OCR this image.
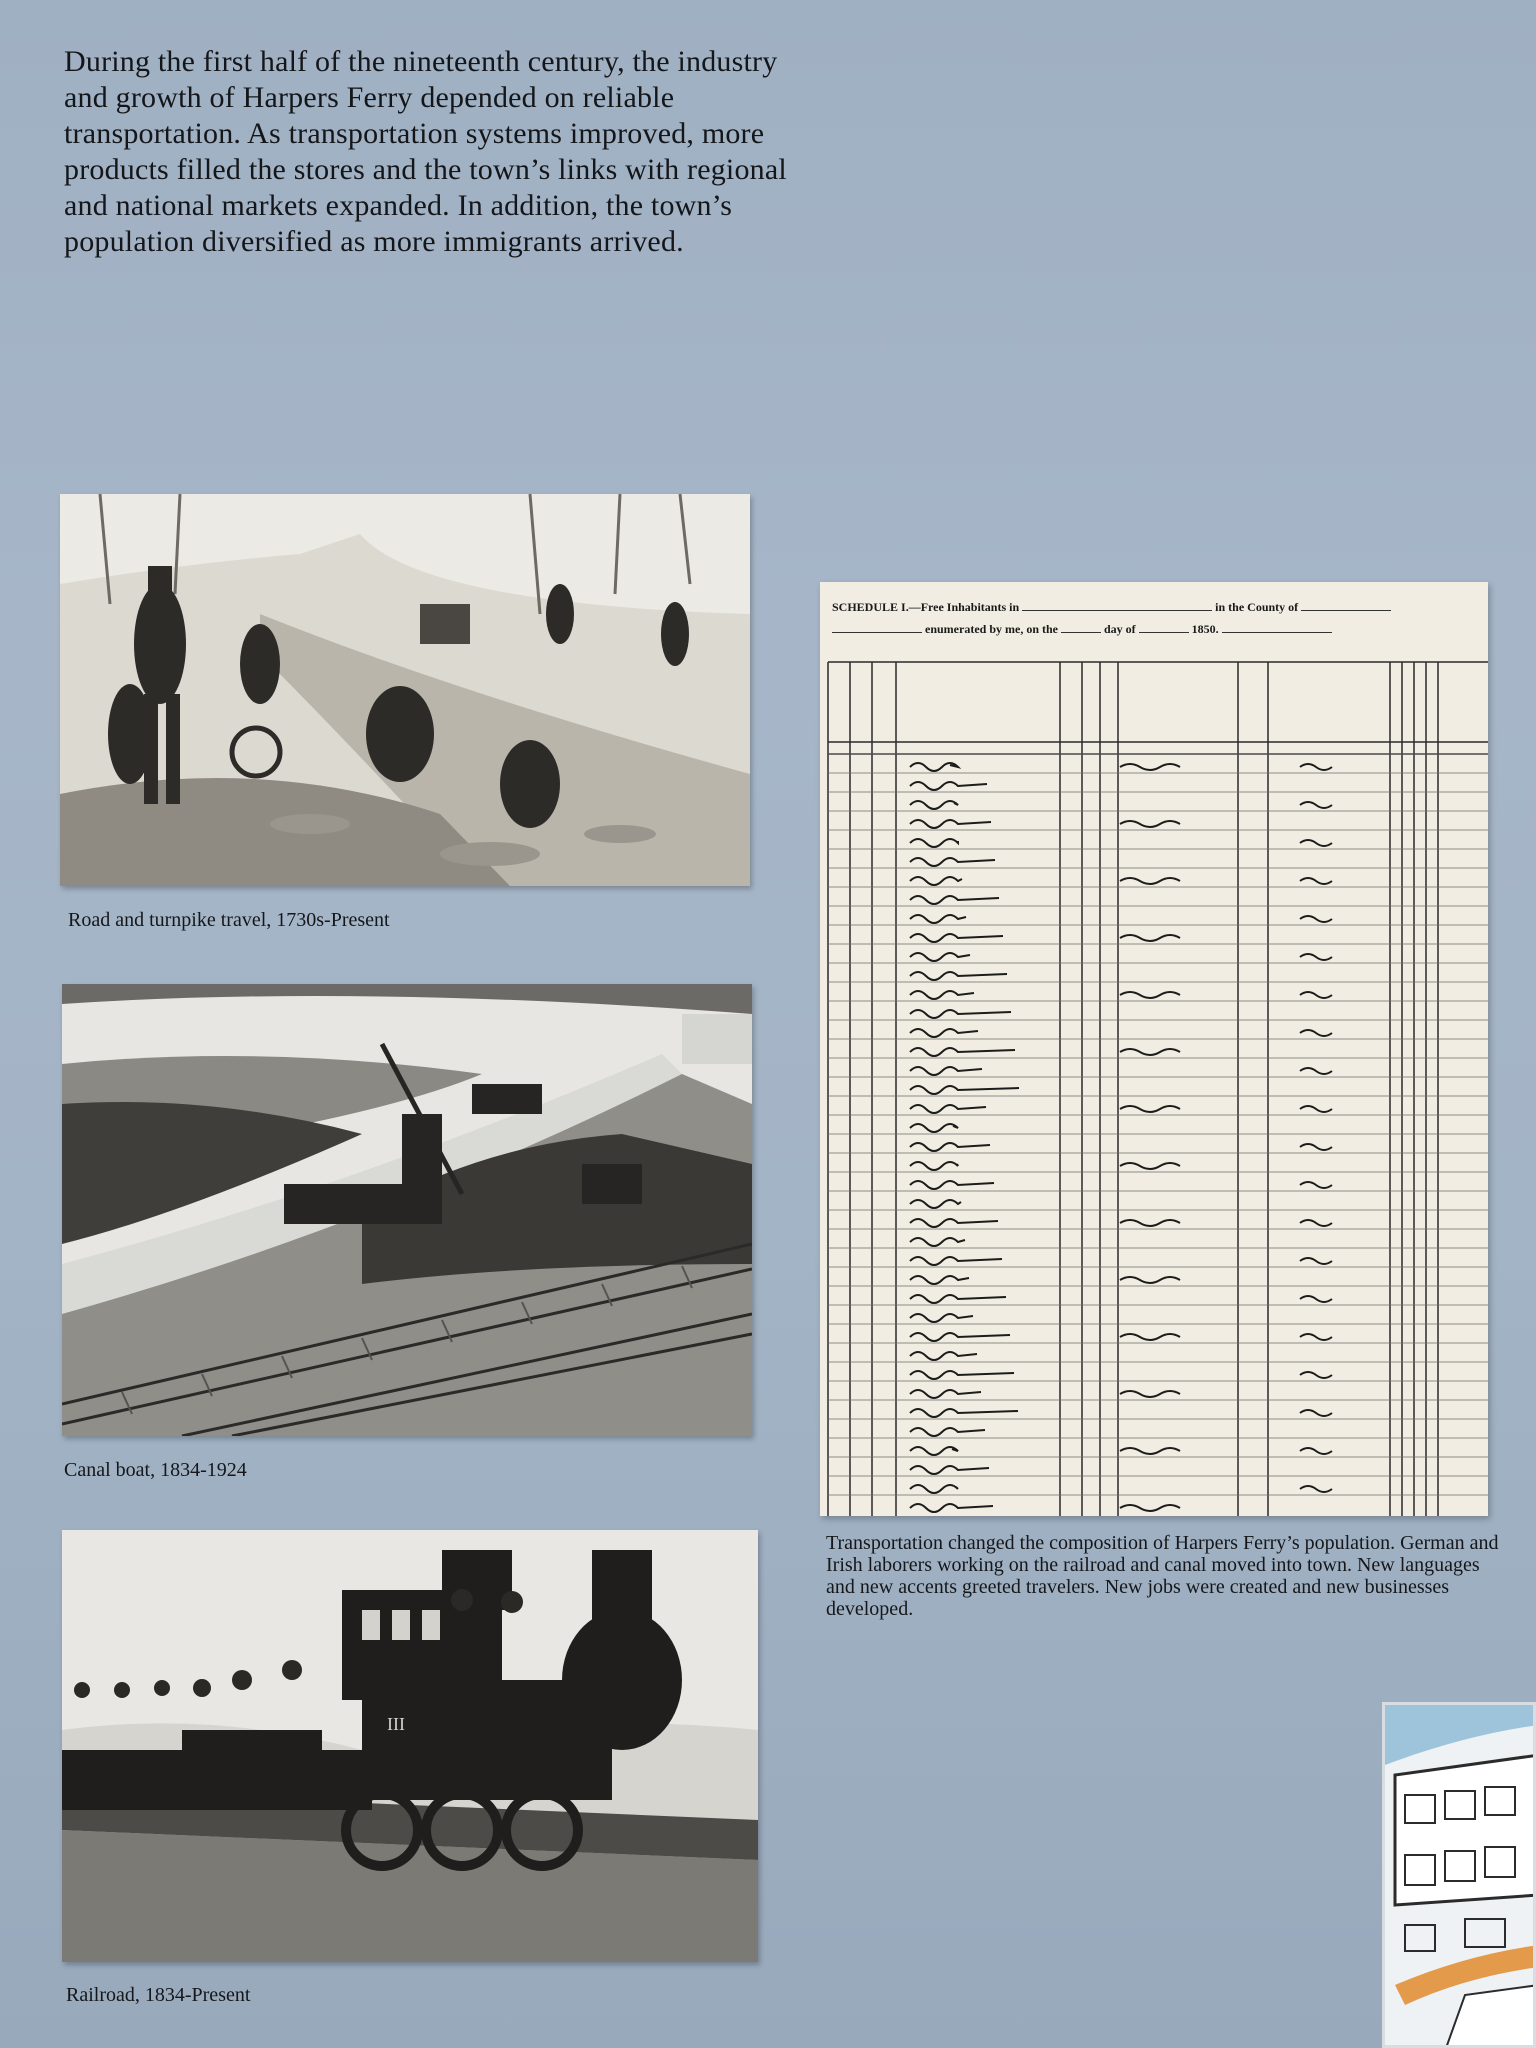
During the first half of the nineteenth century, the industry and growth of Harpers Ferry depended on reliable transportation. As transportation systems improved, more products filled the stores and the town’s links with regional and national markets expanded. In addition, the town’s population diversified as more immigrants arrived.

Road and turnpike travel, 1730s-Present

Canal boat, 1834-1924

III

Railroad, 1834-Present

SCHEDULE I.—Free Inhabitants in	in the County of
enumerated by me, on the	day of	1850.

Transportation changed the composition of Harpers Ferry’s population. German and Irish laborers working on the railroad and canal moved into town. New languages and new accents greeted travelers. New jobs were created and new businesses developed.
